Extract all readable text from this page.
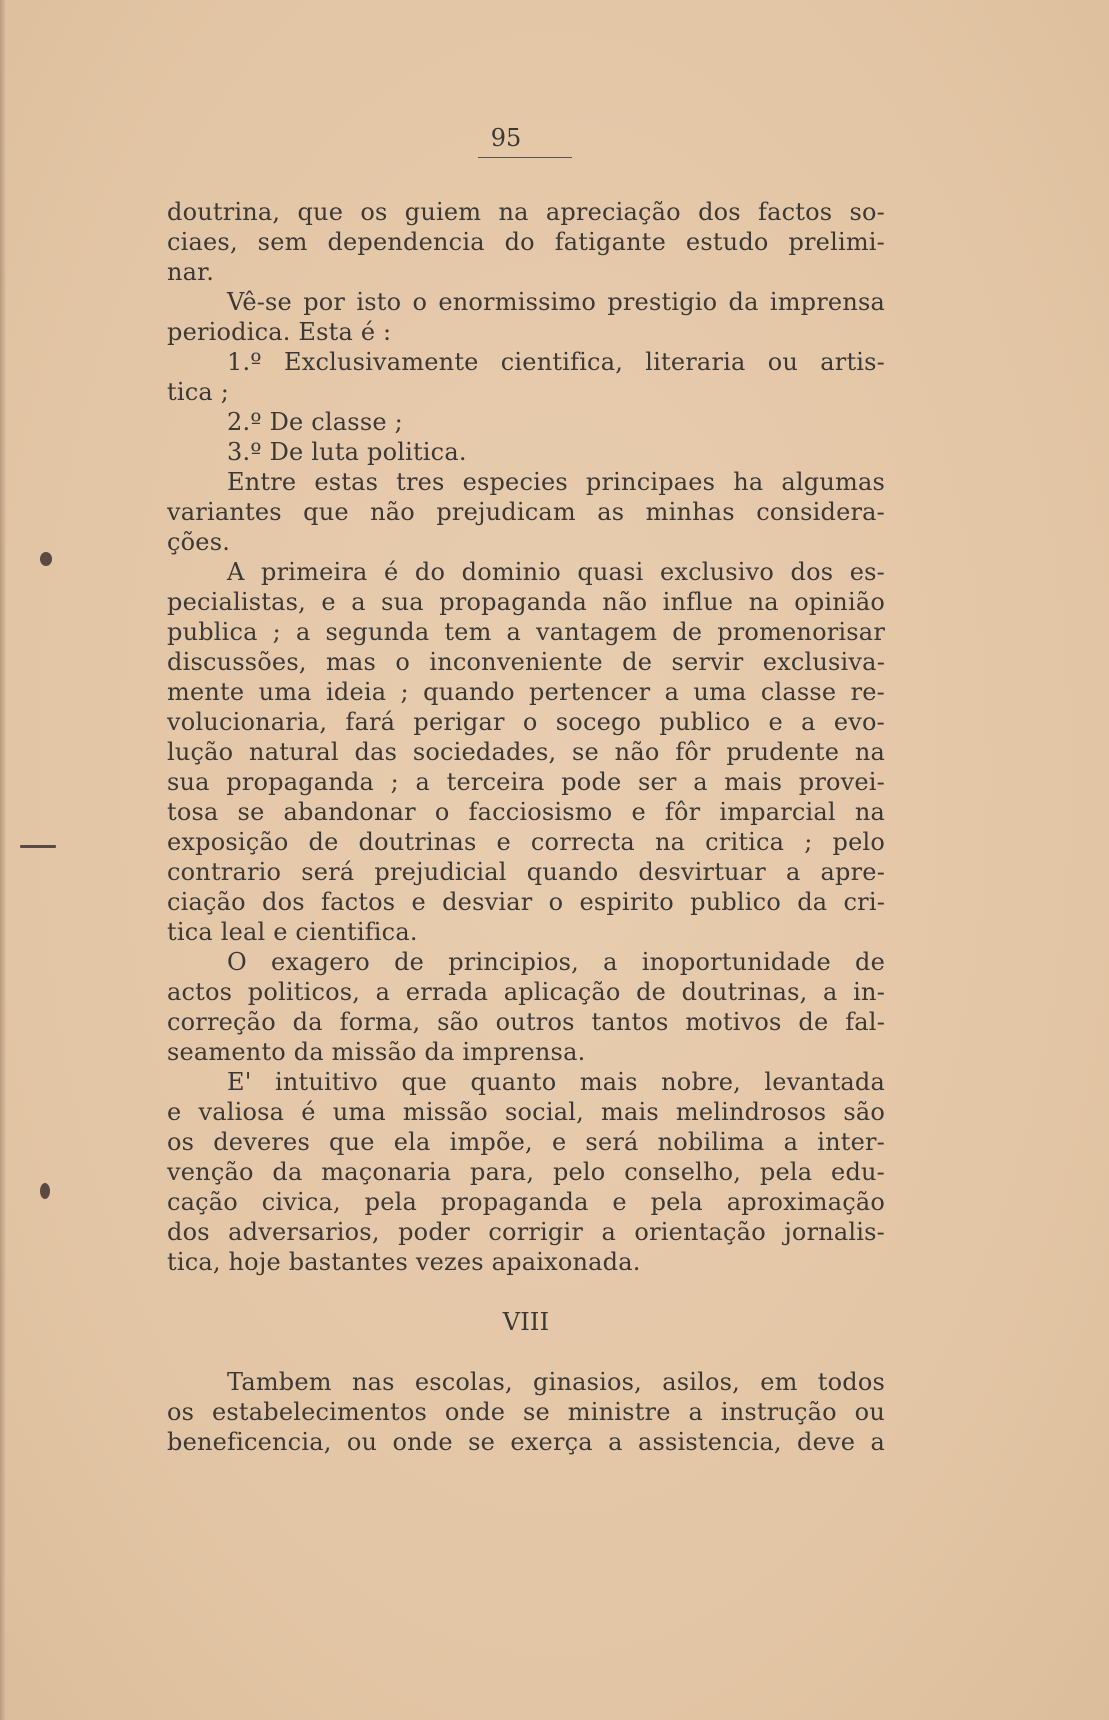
95
doutrina, que os guiem na apreciação dos factos so-
ciaes, sem dependencia do fatigante estudo prelimi-
nar.
Vê-se por isto o enormissimo prestigio da imprensa
periodica. Esta é :
1.º Exclusivamente cientifica, literaria ou artis-
tica ;
2.º De classe ;
3.º De luta politica.
Entre estas tres especies principaes ha algumas
variantes que não prejudicam as minhas considera-
ções.
A primeira é do dominio quasi exclusivo dos es-
pecialistas, e a sua propaganda não influe na opinião
publica ; a segunda tem a vantagem de promenorisar
discussões, mas o inconveniente de servir exclusiva-
mente uma ideia ; quando pertencer a uma classe re-
volucionaria, fará perigar o socego publico e a evo-
lução natural das sociedades, se não fôr prudente na
sua propaganda ; a terceira pode ser a mais provei-
tosa se abandonar o facciosismo e fôr imparcial na
exposição de doutrinas e correcta na critica ; pelo
contrario será prejudicial quando desvirtuar a apre-
ciação dos factos e desviar o espirito publico da cri-
tica leal e cientifica.
O exagero de principios, a inoportunidade de
actos politicos, a errada aplicação de doutrinas, a in-
correção da forma, são outros tantos motivos de fal-
seamento da missão da imprensa.
E' intuitivo que quanto mais nobre, levantada
e valiosa é uma missão social, mais melindrosos são
os deveres que ela impõe, e será nobilima a inter-
venção da maçonaria para, pelo conselho, pela edu-
cação civica, pela propaganda e pela aproximação
dos adversarios, poder corrigir a orientação jornalis-
tica, hoje bastantes vezes apaixonada.
VIII
Tambem nas escolas, ginasios, asilos, em todos
os estabelecimentos onde se ministre a instrução ou
beneficencia, ou onde se exerça a assistencia, deve a
